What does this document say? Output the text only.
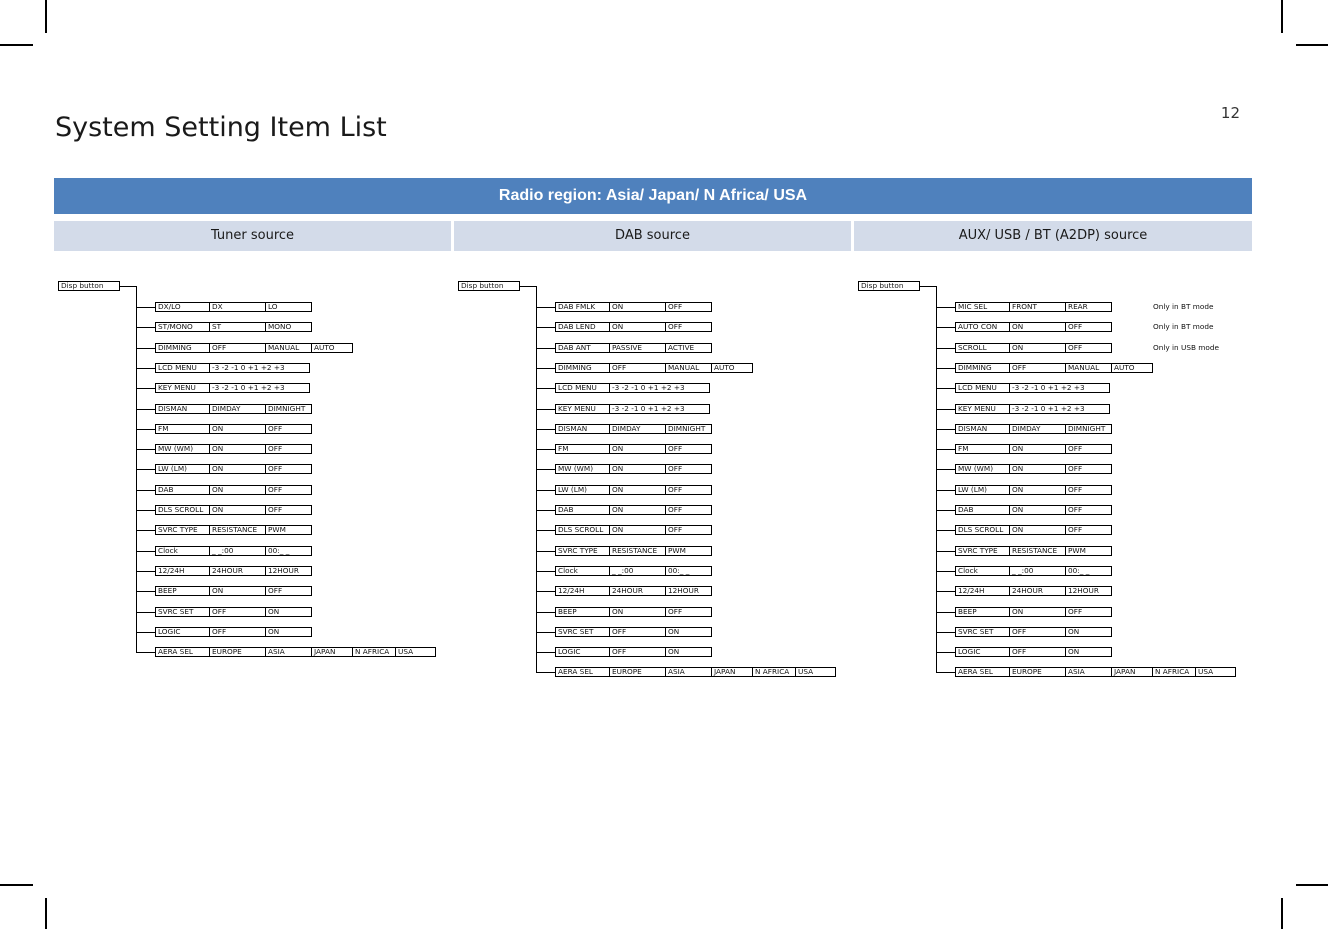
12
System Setting Item List
Radio region: Asia/ Japan/ N Africa/ USA
Tuner source	DAB source	AUX/ USB / BT (A2DP) source
Disp button
DX/LO	DX	LO
ST/MONO	ST	MONO
DIMMING	OFF	MANUAL	AUTO
LCD MENU	-3 -2 -1 0 +1 +2 +3
KEY MENU	-3 -2 -1 0 +1 +2 +3
DISMAN	DIMDAY	DIMNIGHT
FM	ON	OFF
MW (WM)	ON	OFF
LW (LM)	ON	OFF
DAB	ON	OFF
DLS SCROLL	ON	OFF
SVRC TYPE	RESISTANCE	PWM
Clock	_ _:00	00:_ _
12/24H	24HOUR	12HOUR
BEEP	ON	OFF
SVRC SET	OFF	ON
LOGIC	OFF	ON
AERA SEL	EUROPE	ASIA	JAPAN	N AFRICA	USA
Disp button
DAB FMLK	ON	OFF
DAB LEND	ON	OFF
DAB ANT	PASSIVE	ACTIVE
DIMMING	OFF	MANUAL	AUTO
LCD MENU	-3 -2 -1 0 +1 +2 +3
KEY MENU	-3 -2 -1 0 +1 +2 +3
DISMAN	DIMDAY	DIMNIGHT
FM	ON	OFF
MW (WM)	ON	OFF
LW (LM)	ON	OFF
DAB	ON	OFF
DLS SCROLL	ON	OFF
SVRC TYPE	RESISTANCE	PWM
Clock	_ _:00	00:_ _
12/24H	24HOUR	12HOUR
BEEP	ON	OFF
SVRC SET	OFF	ON
LOGIC	OFF	ON
AERA SEL	EUROPE	ASIA	JAPAN	N AFRICA	USA
Disp button
MIC SEL	FRONT	REAR	Only in BT mode
AUTO CON	ON	OFF	Only in BT mode
SCROLL	ON	OFF	Only in USB mode
DIMMING	OFF	MANUAL	AUTO
LCD MENU	-3 -2 -1 0 +1 +2 +3
KEY MENU	-3 -2 -1 0 +1 +2 +3
DISMAN	DIMDAY	DIMNIGHT
FM	ON	OFF
MW (WM)	ON	OFF
LW (LM)	ON	OFF
DAB	ON	OFF
DLS SCROLL	ON	OFF
SVRC TYPE	RESISTANCE	PWM
Clock	_ _:00	00:_ _
12/24H	24HOUR	12HOUR
BEEP	ON	OFF
SVRC SET	OFF	ON
LOGIC	OFF	ON
AERA SEL	EUROPE	ASIA	JAPAN	N AFRICA	USA
